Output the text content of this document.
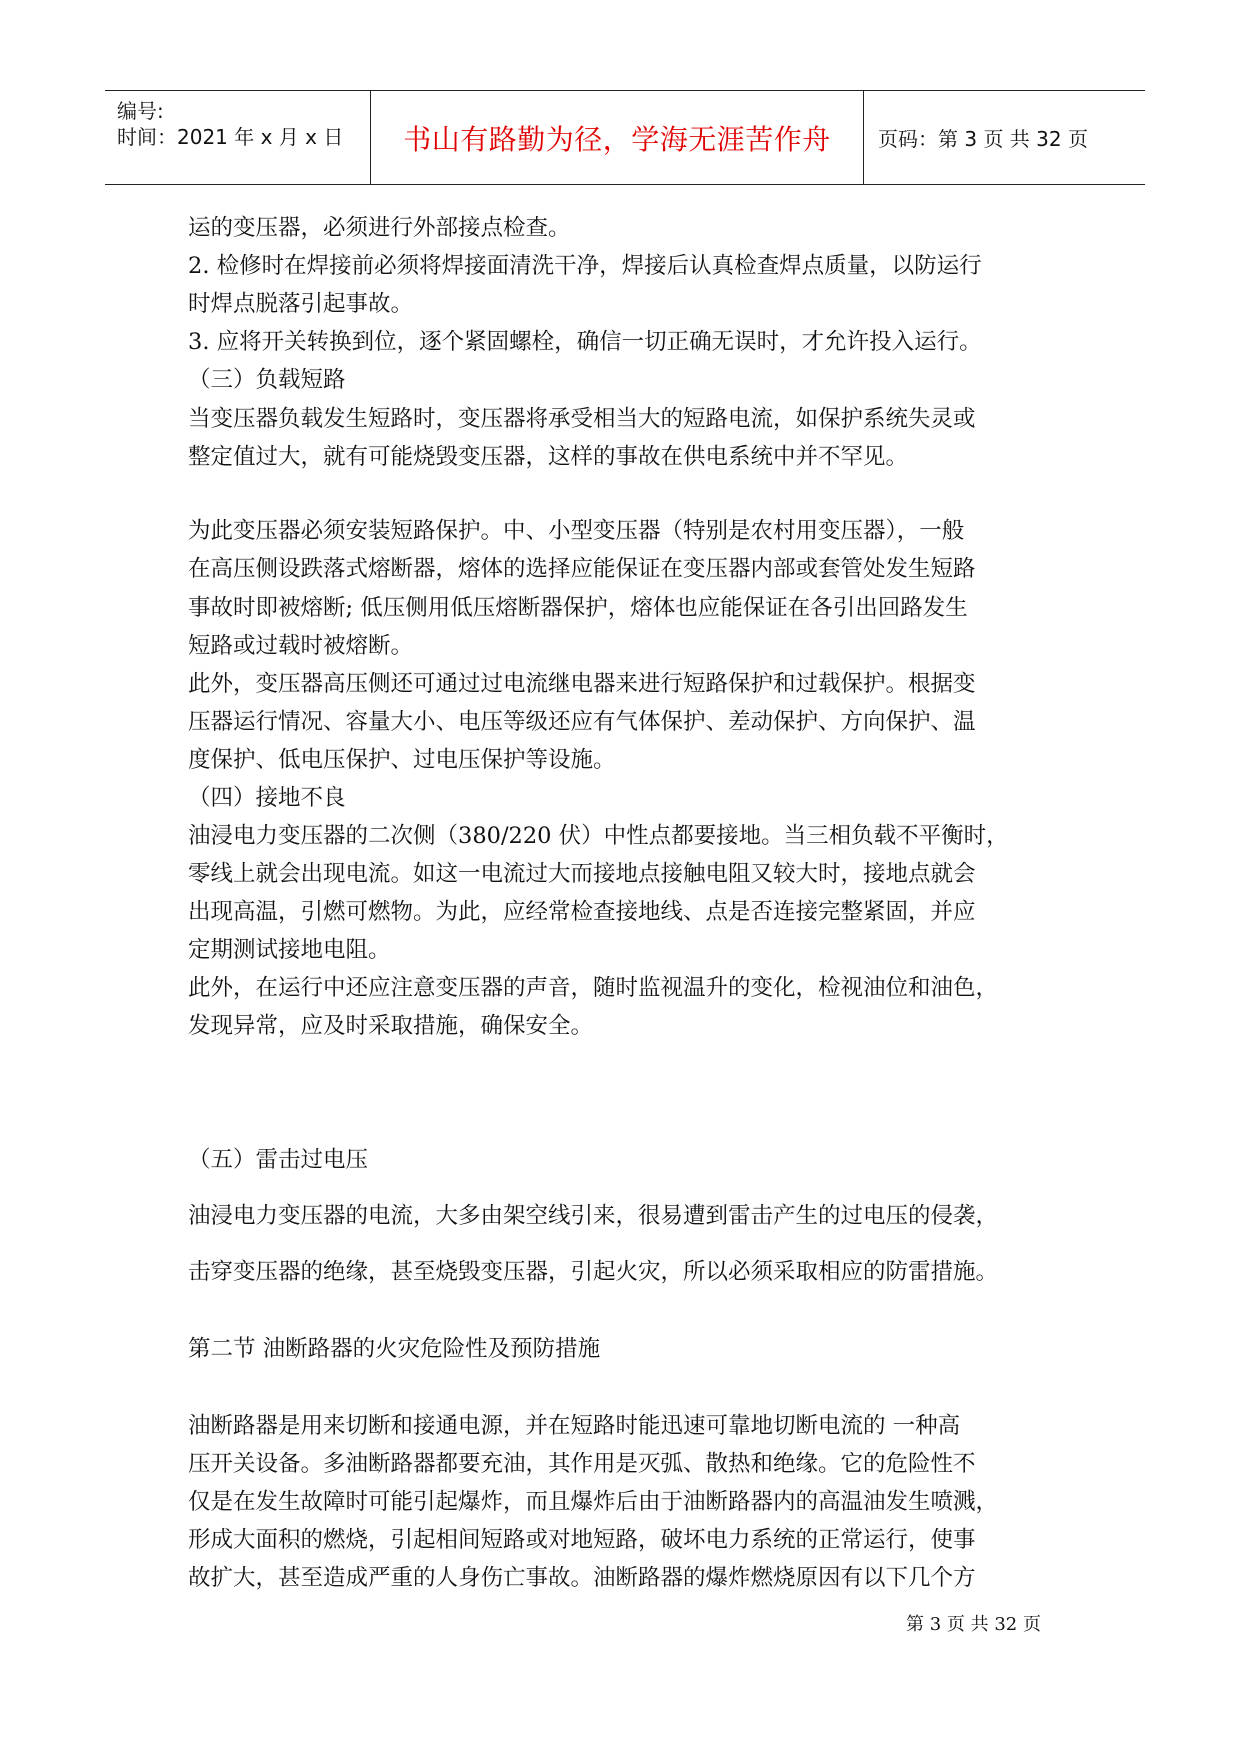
编号:
时间：2021 年 x 月 x 日 书山有路勤为径，学海无涯苦作舟 页码：第 3 页 共 32 页
运的变压器，必须进行外部接点检查。
2. 检修时在焊接前必须将焊接面清洗干净，焊接后认真检查焊点质量，以防运行
时焊点脱落引起事故。
3. 应将开关转换到位，逐个紧固螺栓，确信一切正确无误时，才允许投入运行。
（三）负载短路
当变压器负载发生短路时，变压器将承受相当大的短路电流，如保护系统失灵或
整定值过大，就有可能烧毁变压器，这样的事故在供电系统中并不罕见。
为此变压器必须安装短路保护。中、小型变压器（特别是农村用变压器），一般
在高压侧设跌落式熔断器，熔体的选择应能保证在变压器内部或套管处发生短路
事故时即被熔断; 低压侧用低压熔断器保护，熔体也应能保证在各引出回路发生
短路或过载时被熔断。
此外，变压器高压侧还可通过过电流继电器来进行短路保护和过载保护。根据变
压器运行情况、容量大小、电压等级还应有气体保护、差动保护、方向保护、温
度保护、低电压保护、过电压保护等设施。
（四）接地不良
油浸电力变压器的二次侧（380/220 伏）中性点都要接地。当三相负载不平衡时，
零线上就会出现电流。如这一电流过大而接地点接触电阻又较大时，接地点就会
出现高温，引燃可燃物。为此，应经常检查接地线、点是否连接完整紧固，并应
定期测试接地电阻。
此外，在运行中还应注意变压器的声音，随时监视温升的变化，检视油位和油色，
发现异常，应及时采取措施，确保安全。
（五）雷击过电压
油浸电力变压器的电流，大多由架空线引来，很易遭到雷击产生的过电压的侵袭，
击穿变压器的绝缘，甚至烧毁变压器，引起火灾，所以必须采取相应的防雷措施。
第二节 油断路器的火灾危险性及预防措施
油断路器是用来切断和接通电源，并在短路时能迅速可靠地切断电流的 一种高
压开关设备。多油断路器都要充油，其作用是灭弧、散热和绝缘。它的危险性不
仅是在发生故障时可能引起爆炸，而且爆炸后由于油断路器内的高温油发生喷溅，
形成大面积的燃烧，引起相间短路或对地短路，破坏电力系统的正常运行，使事
故扩大，甚至造成严重的人身伤亡事故。油断路器的爆炸燃烧原因有以下几个方
第 3 页 共 32 页
